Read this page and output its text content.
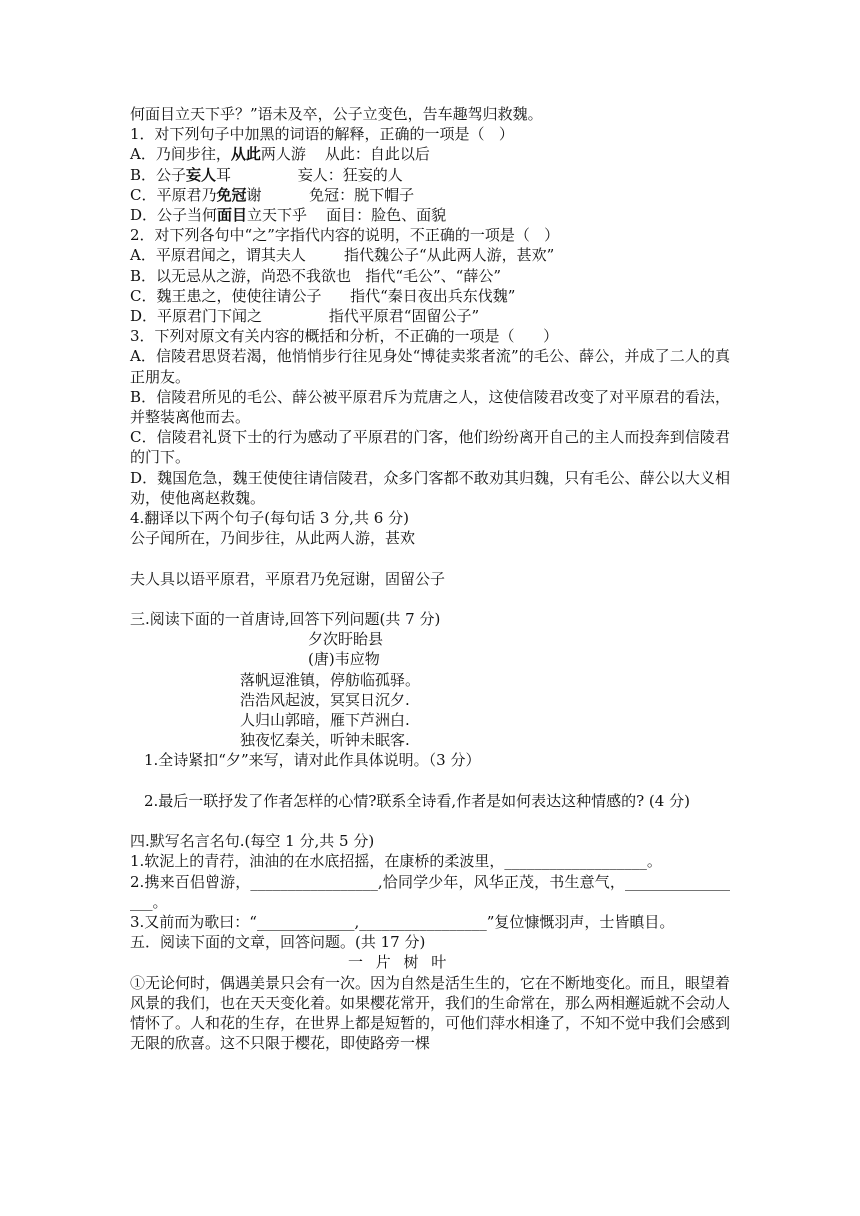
何面目立天下乎？”语未及卒，公子立变色，告车趣驾归救魏。

1．对下列句子中加黑的词语的解释，正确的一项是（   ）

A．乃间步往，从此两人游    从此：自此以后

B．公子妄人耳              妄人：狂妄的人

C．平原君乃免冠谢          免冠：脱下帽子

D．公子当何面目立天下乎    面目：脸色、面貌

2．对下列各句中“之”字指代内容的说明，不正确的一项是（   ）

A．平原君闻之，谓其夫人        指代魏公子“从此两人游，甚欢”

B．以无忌从之游，尚恐不我欲也   指代“毛公”、“薛公”

C．魏王患之，使使往请公子      指代“秦日夜出兵东伐魏”

D．平原君门下闻之              指代平原君“固留公子”

3．下列对原文有关内容的概括和分析，不正确的一项是（      ）

A．信陵君思贤若渴，他悄悄步行往见身处“博徒卖浆者流”的毛公、薛公，并成了二人的真正朋友。

B．信陵君所见的毛公、薛公被平原君斥为荒唐之人，这使信陵君改变了对平原君的看法，并整装离他而去。

C．信陵君礼贤下士的行为感动了平原君的门客，他们纷纷离开自己的主人而投奔到信陵君的门下。

D．魏国危急，魏王使使往请信陵君，众多门客都不敢劝其归魏，只有毛公、薛公以大义相劝，使他离赵救魏。

4.翻译以下两个句子(每句话 3 分,共 6 分)

公子闻所在，乃间步往，从此两人游，甚欢

夫人具以语平原君，平原君乃免冠谢，固留公子

三.阅读下面的一首唐诗,回答下列问题(共 7 分)

夕次盱眙县

(唐)韦应物

落帆逗淮镇，停舫临孤驿。

浩浩风起波，冥冥日沉夕.

人归山郭暗，雁下芦洲白.

独夜忆秦关，听钟未眠客.

1.全诗紧扣“夕”来写，请对此作具体说明。（3 分）

2.最后一联抒发了作者怎样的心情?联系全诗看,作者是如何表达这种情感的? (4 分)

四.默写名言名句.(每空 1 分,共 5 分)

1.软泥上的青荇，油油的在水底招摇，在康桥的柔波里，___________________。

2.携来百侣曾游，_________________,恰同学少年，风华正茂，书生意气，_________________。

3.又前而为歌曰：“_____________,_________________”复位慷慨羽声，士皆瞋目。

五．阅读下面的文章，回答问题。(共 17 分)

一 片 树 叶

①无论何时，偶遇美景只会有一次。因为自然是活生生的，它在不断地变化。而且，眼望着风景的我们，也在天天变化着。如果樱花常开，我们的生命常在，那么两相邂逅就不会动人情怀了。人和花的生存，在世界上都是短暂的，可他们萍水相逢了，不知不觉中我们会感到无限的欣喜。这不只限于樱花，即使路旁一棵
